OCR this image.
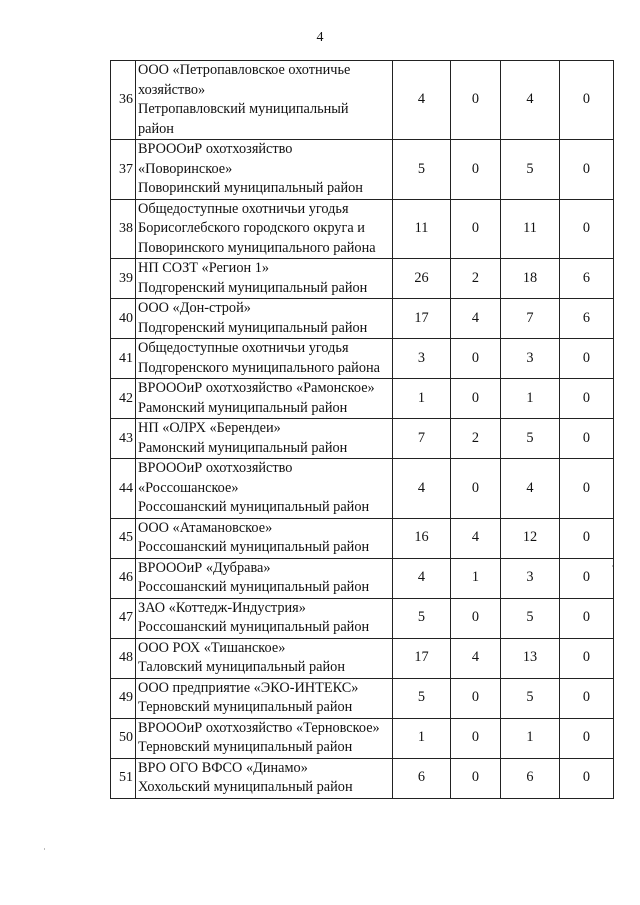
4
36	ООО «Петропавловское охотничье
хозяйство»
Петропавловский муниципальный
район	4	0	4	0
37	ВРОООиР охотхозяйство
«Поворинское»
Поворинский муниципальный район	5	0	5	0
38	Общедоступные охотничьи угодья
Борисоглебского городского округа и
Поворинского муниципального района	11	0	11	0
39	НП СОЗТ «Регион 1»
Подгоренский муниципальный район	26	2	18	6
40	ООО «Дон-строй»
Подгоренский муниципальный район	17	4	7	6
41	Общедоступные охотничьи угодья
Подгоренского муниципального района	3	0	3	0
42	ВРОООиР охотхозяйство «Рамонское»
Рамонский муниципальный район	1	0	1	0
43	НП «ОЛРХ «Берендеи»
Рамонский муниципальный район	7	2	5	0
44	ВРОООиР охотхозяйство
«Россошанское»
Россошанский муниципальный район	4	0	4	0
45	ООО «Атамановское»
Россошанский муниципальный район	16	4	12	0
46	ВРОООиР «Дубрава»
Россошанский муниципальный район	4	1	3	0
47	ЗАО «Коттедж-Индустрия»
Россошанский муниципальный район	5	0	5	0
48	ООО РОХ «Тишанское»
Таловский муниципальный район	17	4	13	0
49	ООО предприятие «ЭКО-ИНТЕКС»
Терновский муниципальный район	5	0	5	0
50	ВРОООиР охотхозяйство «Терновское»
Терновский муниципальный район	1	0	1	0
51	ВРО ОГО ВФСО «Динамо»
Хохольский муниципальный район	6	0	6	0
